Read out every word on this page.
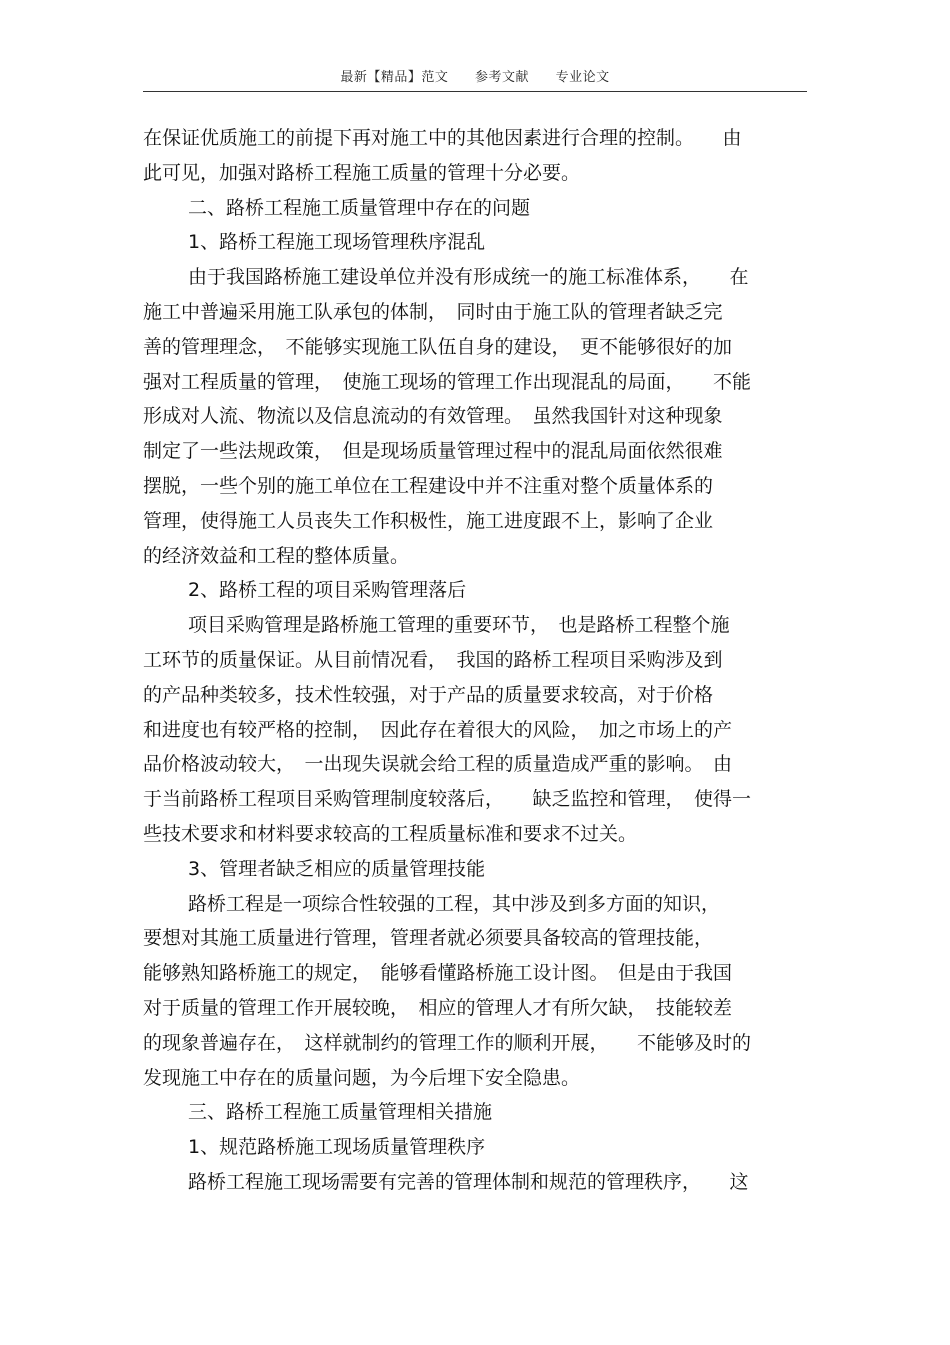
最新【精品】范文 参考文献 专业论文
在保证优质施工的前提下再对施工中的其他因素进行合理的控制。　　由
此可见，加强对路桥工程施工质量的管理十分必要。
二、路桥工程施工质量管理中存在的问题
1、路桥工程施工现场管理秩序混乱
由于我国路桥施工建设单位并没有形成统一的施工标准体系，　　在
施工中普遍采用施工队承包的体制，　同时由于施工队的管理者缺乏完
善的管理理念，　不能够实现施工队伍自身的建设，　更不能够很好的加
强对工程质量的管理，　使施工现场的管理工作出现混乱的局面，　　不能
形成对人流、物流以及信息流动的有效管理。　虽然我国针对这种现象
制定了一些法规政策，　但是现场质量管理过程中的混乱局面依然很难
摆脱，一些个别的施工单位在工程建设中并不注重对整个质量体系的
管理，使得施工人员丧失工作积极性，施工进度跟不上，影响了企业
的经济效益和工程的整体质量。
2、路桥工程的项目采购管理落后
项目采购管理是路桥施工管理的重要环节，　也是路桥工程整个施
工环节的质量保证。从目前情况看，　我国的路桥工程项目采购涉及到
的产品种类较多，技术性较强，对于产品的质量要求较高，对于价格
和进度也有较严格的控制，　因此存在着很大的风险，　加之市场上的产
品价格波动较大，　一出现失误就会给工程的质量造成严重的影响。　由
于当前路桥工程项目采购管理制度较落后，　　缺乏监控和管理，　使得一
些技术要求和材料要求较高的工程质量标准和要求不过关。
3、管理者缺乏相应的质量管理技能
路桥工程是一项综合性较强的工程，其中涉及到多方面的知识，
要想对其施工质量进行管理，管理者就必须要具备较高的管理技能，
能够熟知路桥施工的规定，　能够看懂路桥施工设计图。　但是由于我国
对于质量的管理工作开展较晚，　相应的管理人才有所欠缺，　技能较差
的现象普遍存在，　这样就制约的管理工作的顺利开展，　　不能够及时的
发现施工中存在的质量问题，为今后埋下安全隐患。
三、路桥工程施工质量管理相关措施
1、规范路桥施工现场质量管理秩序
路桥工程施工现场需要有完善的管理体制和规范的管理秩序，　　这
